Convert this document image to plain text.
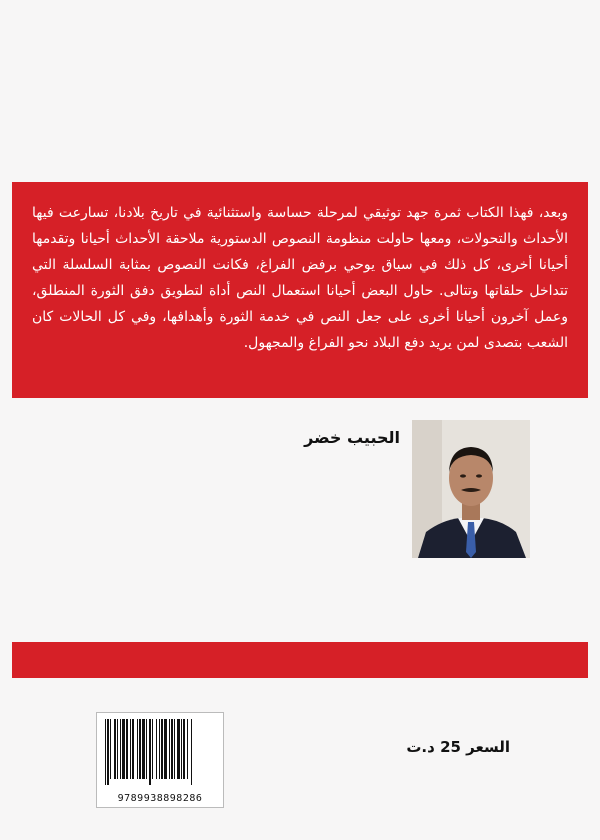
وبعد، فهذا الكتاب ثمرة جهد توثيقي لمرحلة حساسة واستثنائية في تاريخ بلادنا، تسارعت فيها الأحداث والتحولات، ومعها حاولت منظومة النصوص الدستورية ملاحقة الأحداث أحيانا وتقدمها أحيانا أخرى، كل ذلك في سياق يوحي برفض الفراغ، فكانت النصوص بمثابة السلسلة التي تتداخل حلقاتها وتتالى. حاول البعض أحيانا استعمال النص أداة لتطويق دفق الثورة المنطلق، وعمل آخرون أحيانا أخرى على جعل النص في خدمة الثورة وأهدافها، وفي كل الحالات كان الشعب بتصدى لمن يريد دفع البلاد نحو الفراغ والمجهول.

الحبيب خضر
9789938898286
السعر 25 د.ت
